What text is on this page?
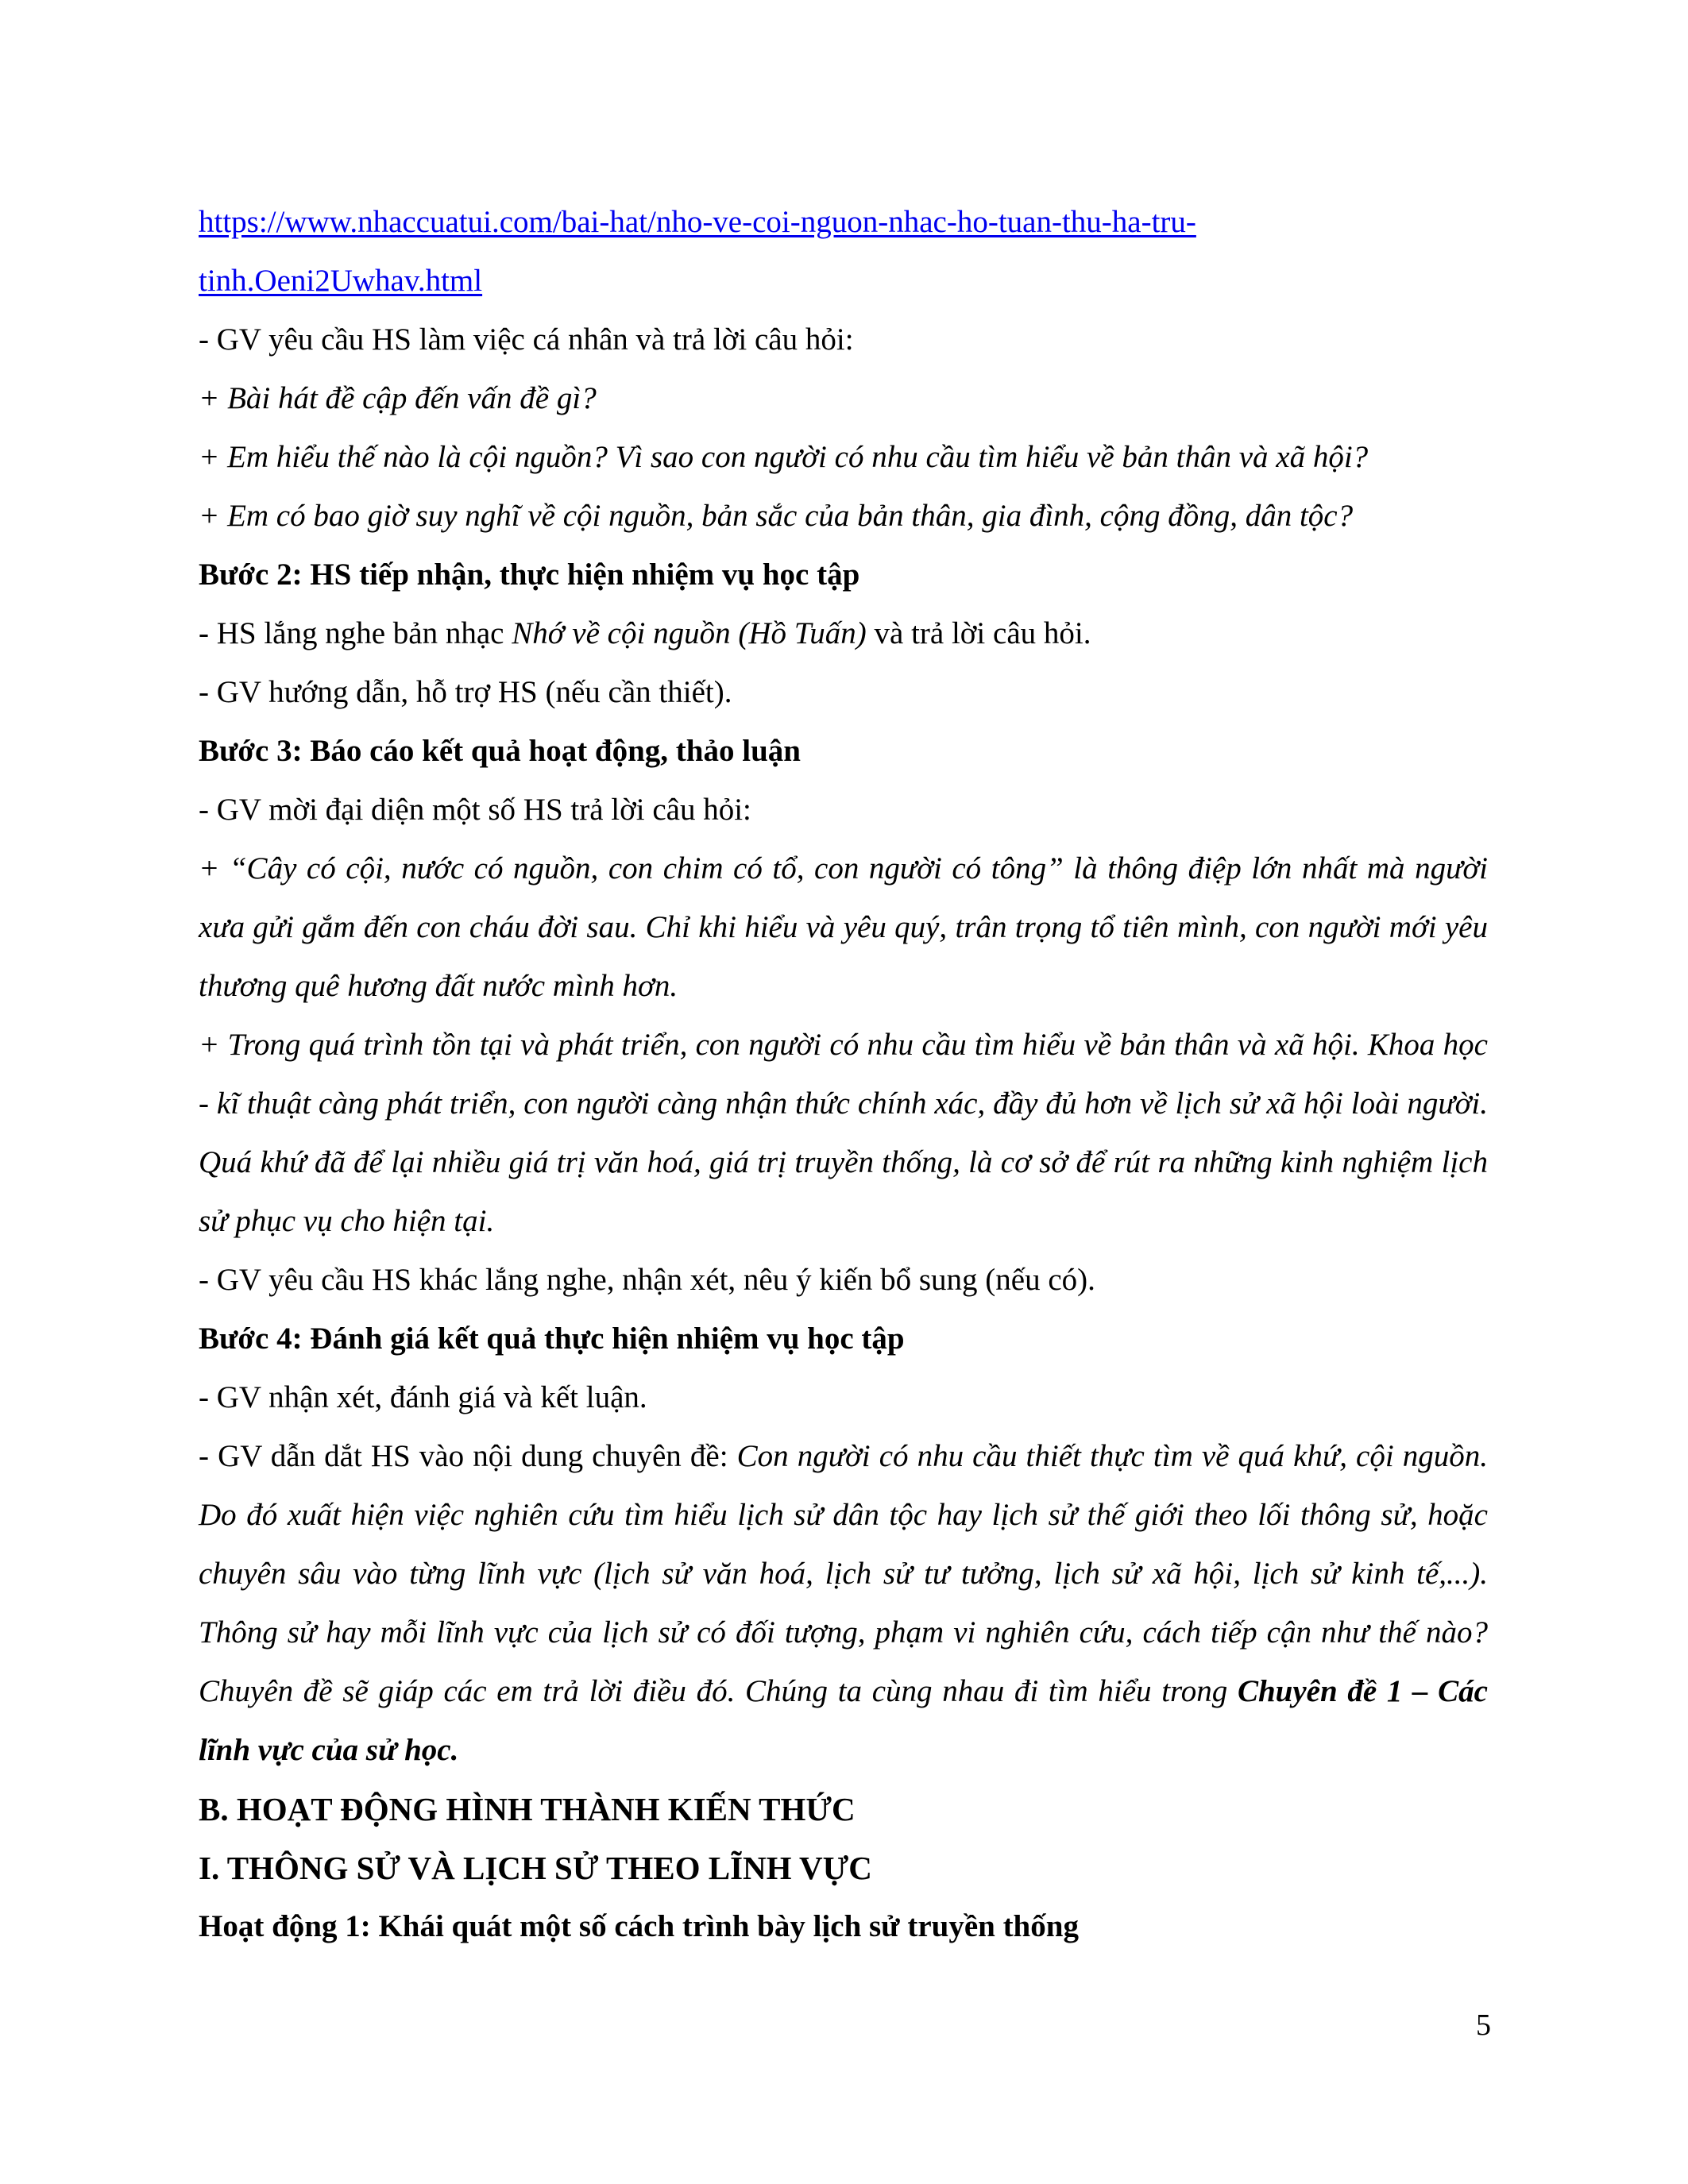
https://www.nhaccuatui.com/bai-hat/nho-ve-coi-nguon-nhac-ho-tuan-thu-ha-tru-
tinh.Oeni2Uwhav.html

- GV yêu cầu HS làm việc cá nhân và trả lời câu hỏi:

+ Bài hát đề cập đến vấn đề gì?

+ Em hiểu thế nào là cội nguồn? Vì sao con người có nhu cầu tìm hiểu về bản thân và xã hội?

+ Em có bao giờ suy nghĩ về cội nguồn, bản sắc của bản thân, gia đình, cộng đồng, dân tộc?

Bước 2: HS tiếp nhận, thực hiện nhiệm vụ học tập

- HS lắng nghe bản nhạc Nhớ về cội nguồn (Hồ Tuấn) và trả lời câu hỏi.

- GV hướng dẫn, hỗ trợ HS (nếu cần thiết).

Bước 3: Báo cáo kết quả hoạt động, thảo luận

- GV mời đại diện một số HS trả lời câu hỏi:

+ “Cây có cội, nước có nguồn, con chim có tổ, con người có tông” là thông điệp lớn nhất mà người xưa gửi gắm đến con cháu đời sau. Chỉ khi hiểu và yêu quý, trân trọng tổ tiên mình, con người mới yêu thương quê hương đất nước mình hơn.

+ Trong quá trình tồn tại và phát triển, con người có nhu cầu tìm hiểu về bản thân và xã hội. Khoa học - kĩ thuật càng phát triển, con người càng nhận thức chính xác, đầy đủ hơn về lịch sử xã hội loài người. Quá khứ đã để lại nhiều giá trị văn hoá, giá trị truyền thống, là cơ sở để rút ra những kinh nghiệm lịch sử phục vụ cho hiện tại.

- GV yêu cầu HS khác lắng nghe, nhận xét, nêu ý kiến bổ sung (nếu có).

Bước 4: Đánh giá kết quả thực hiện nhiệm vụ học tập

- GV nhận xét, đánh giá và kết luận.

- GV dẫn dắt HS vào nội dung chuyên đề: Con người có nhu cầu thiết thực tìm về quá khứ, cội nguồn. Do đó xuất hiện việc nghiên cứu tìm hiểu lịch sử dân tộc hay lịch sử thế giới theo lối thông sử, hoặc chuyên sâu vào từng lĩnh vực (lịch sử văn hoá, lịch sử tư tưởng, lịch sử xã hội, lịch sử kinh tế,...). Thông sử hay mỗi lĩnh vực của lịch sử có đối tượng, phạm vi nghiên cứu, cách tiếp cận như thế nào? Chuyên đề sẽ giáp các em trả lời điều đó. Chúng ta cùng nhau đi tìm hiểu trong Chuyên đề 1 – Các lĩnh vực của sử học.

B. HOẠT ĐỘNG HÌNH THÀNH KIẾN THỨC

I. THÔNG SỬ VÀ LỊCH SỬ THEO LĨNH VỰC

Hoạt động 1: Khái quát một số cách trình bày lịch sử truyền thống

5
